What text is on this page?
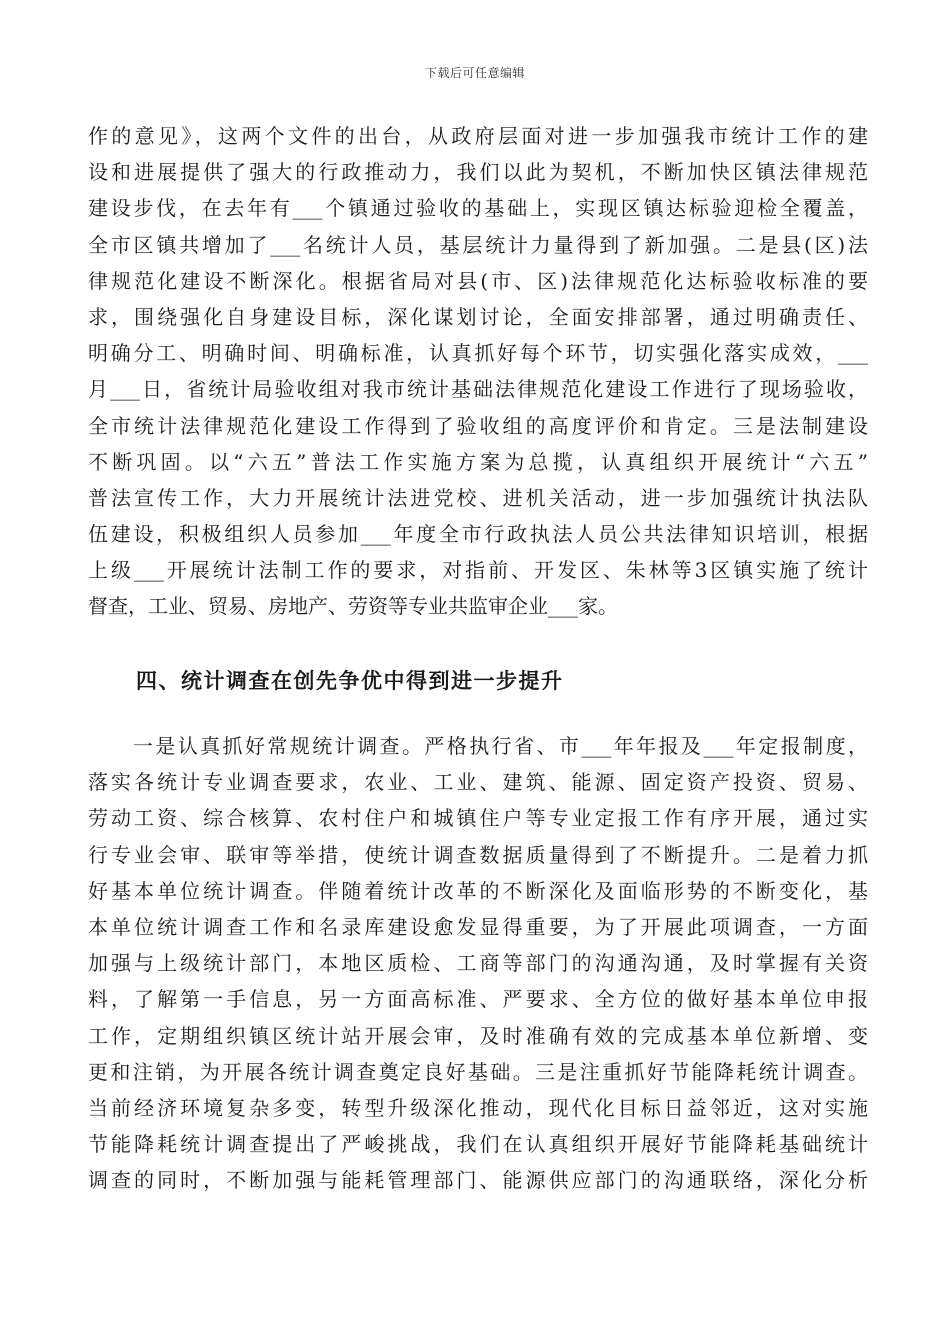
下载后可任意编辑
作的意见》，这两个文件的出台，从政府层面对进一步加强我市统计工作的建
设和进展提供了强大的行政推动力，我们以此为契机，不断加快区镇法律规范
建设步伐，在去年有___个镇通过验收的基础上，实现区镇达标验迎检全覆盖，
全市区镇共增加了___名统计人员，基层统计力量得到了新加强。二是县(区)法
律规范化建设不断深化。根据省局对县(市、区)法律规范化达标验收标准的要
求，围绕强化自身建设目标，深化谋划讨论，全面安排部署，通过明确责任、
明确分工、明确时间、明确标准，认真抓好每个环节，切实强化落实成效，___
月___日，省统计局验收组对我市统计基础法律规范化建设工作进行了现场验收，
全市统计法律规范化建设工作得到了验收组的高度评价和肯定。三是法制建设
不断巩固。以“六五”普法工作实施方案为总揽，认真组织开展统计“六五”
普法宣传工作，大力开展统计法进党校、进机关活动，进一步加强统计执法队
伍建设，积极组织人员参加___年度全市行政执法人员公共法律知识培训，根据
上级___开展统计法制工作的要求，对指前、开发区、朱林等3区镇实施了统计
督查，工业、贸易、房地产、劳资等专业共监审企业___家。
四、统计调查在创先争优中得到进一步提升
　　一是认真抓好常规统计调查。严格执行省、市___年年报及___年定报制度，
落实各统计专业调查要求，农业、工业、建筑、能源、固定资产投资、贸易、
劳动工资、综合核算、农村住户和城镇住户等专业定报工作有序开展，通过实
行专业会审、联审等举措，使统计调查数据质量得到了不断提升。二是着力抓
好基本单位统计调查。伴随着统计改革的不断深化及面临形势的不断变化，基
本单位统计调查工作和名录库建设愈发显得重要，为了开展此项调查，一方面
加强与上级统计部门，本地区质检、工商等部门的沟通沟通，及时掌握有关资
料，了解第一手信息，另一方面高标准、严要求、全方位的做好基本单位申报
工作，定期组织镇区统计站开展会审，及时准确有效的完成基本单位新增、变
更和注销，为开展各统计调查奠定良好基础。三是注重抓好节能降耗统计调查。
当前经济环境复杂多变，转型升级深化推动，现代化目标日益邻近，这对实施
节能降耗统计调查提出了严峻挑战，我们在认真组织开展好节能降耗基础统计
调查的同时，不断加强与能耗管理部门、能源供应部门的沟通联络，深化分析
